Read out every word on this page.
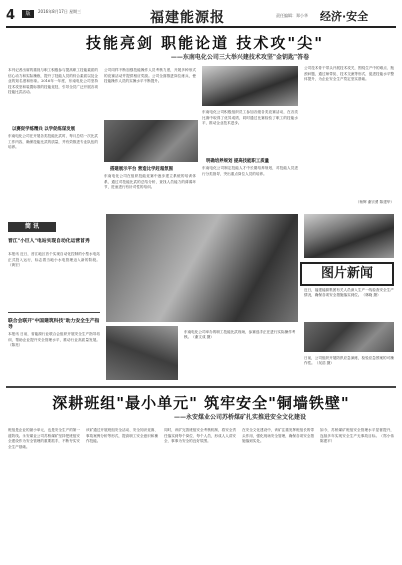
4	版	2016年8月17日 星期三	福建能源报	责任编辑：郑小华 经济·安全
技能亮剑 职能论道 技术攻"尖"
——东南电化公司三大举兴建技术攻坚"金钥匙"答卷
本刊记者出席的重视与职工积极参与提高职工技能素质的信心动力和实际操练，提升了技能人员的综合素质以及企业的知名度和形象。2016年一年度，东南电化公司坚持技术攻坚和装置标准的技能竞技，引导全员广泛开展各项技能比武活动。
以赛促学练精兵 以学促练谋发展
东南电化公司在开展各类技能比武时，每月总结一次比武工作内容，确保技能比武的质量，并有效推进专业队伍的培养。
公司同样不断加强技能操作人员考核力度，开展多种形式的竞赛活动并提供相应奖励。公司全面推进岗位练兵，使技能操作人员的实操水平不断提升。
搭建展示平台 营造比学赶超氛围
东南电化公司在组织技能竞赛中逐步建立系统的培训体系，通过对技能比武的总结分析，查找人员能力的薄弱环节，进而进行有针对性的培训。
东南电化公司积极组织员工参加各级各类竞赛活动，在各类比赛中取得了优异成绩，同时通过比赛检验了职工的技能水平，推动企业技术进步。
明确培养规划 提高技能职工质量
东南电化公司制定技能人才中长期培养规划，对技能人员进行分类指导，突出重点岗位人员的培养。
公司技术骨干带头开展技术攻关，围绕生产中的难点、瓶颈问题，通过师带徒、技术交流等形式，促进技能水平整体提升，为企业安全生产奠定坚实基础。
（杨辉 谢宗勇 陈建华）
简 讯
晋江"小巨人"电站实现自动化运营首秀
本报讯 近日，晋江地区首个实现自动化控制的小型水电站正式投入运行，标志着当地小水电管理迈入新的阶段。（黄宏）
联合会联开"中国建筑科技"助力安全生产指导
本报讯 日前，省能源行业联合会组织开展安全生产指导培训，帮助企业提升安全管理水平，推动行业高质量发展。（陈亮）
东南电化公司举办的职工技能比武现场，参赛选手正在进行实际操作考核。（谢文成 摄）
图片新闻
近日，福建能源集团有关人员深入生产一线检查安全生产情况，确保各项安全措施落实到位。（林晓 摄）
日前，公司组织开展防汛应急演练，检验应急预案的可操作性。（吴浩 摄）
深耕班组"最小单元" 筑牢安全"铜墙铁壁"
——永安煤业公司苏桥煤矿扎实推进安全文化建设
班组是企业的最小单元，也是安全生产的第一道防线。永安煤业公司苏桥煤矿坚持把班组安全建设作为安全管理的重要抓手，不断夯实安全生产基础。
该矿通过开展班组安全活动、安全知识竞赛、事故案例分析等形式，提高职工安全意识和操作技能。
同时，该矿完善班组安全考核机制，将安全责任落实到每个岗位、每个人员，形成人人讲安全、事事为安全的良好氛围。
在安全文化建设中，该矿注重发挥班组长的带头作用，强化现场安全管理，确保各项安全措施落到实处。
如今，苏桥煤矿班组安全管理水平显著提升，连续多年实现安全生产无事故目标。（郑小伟 陈建平）
